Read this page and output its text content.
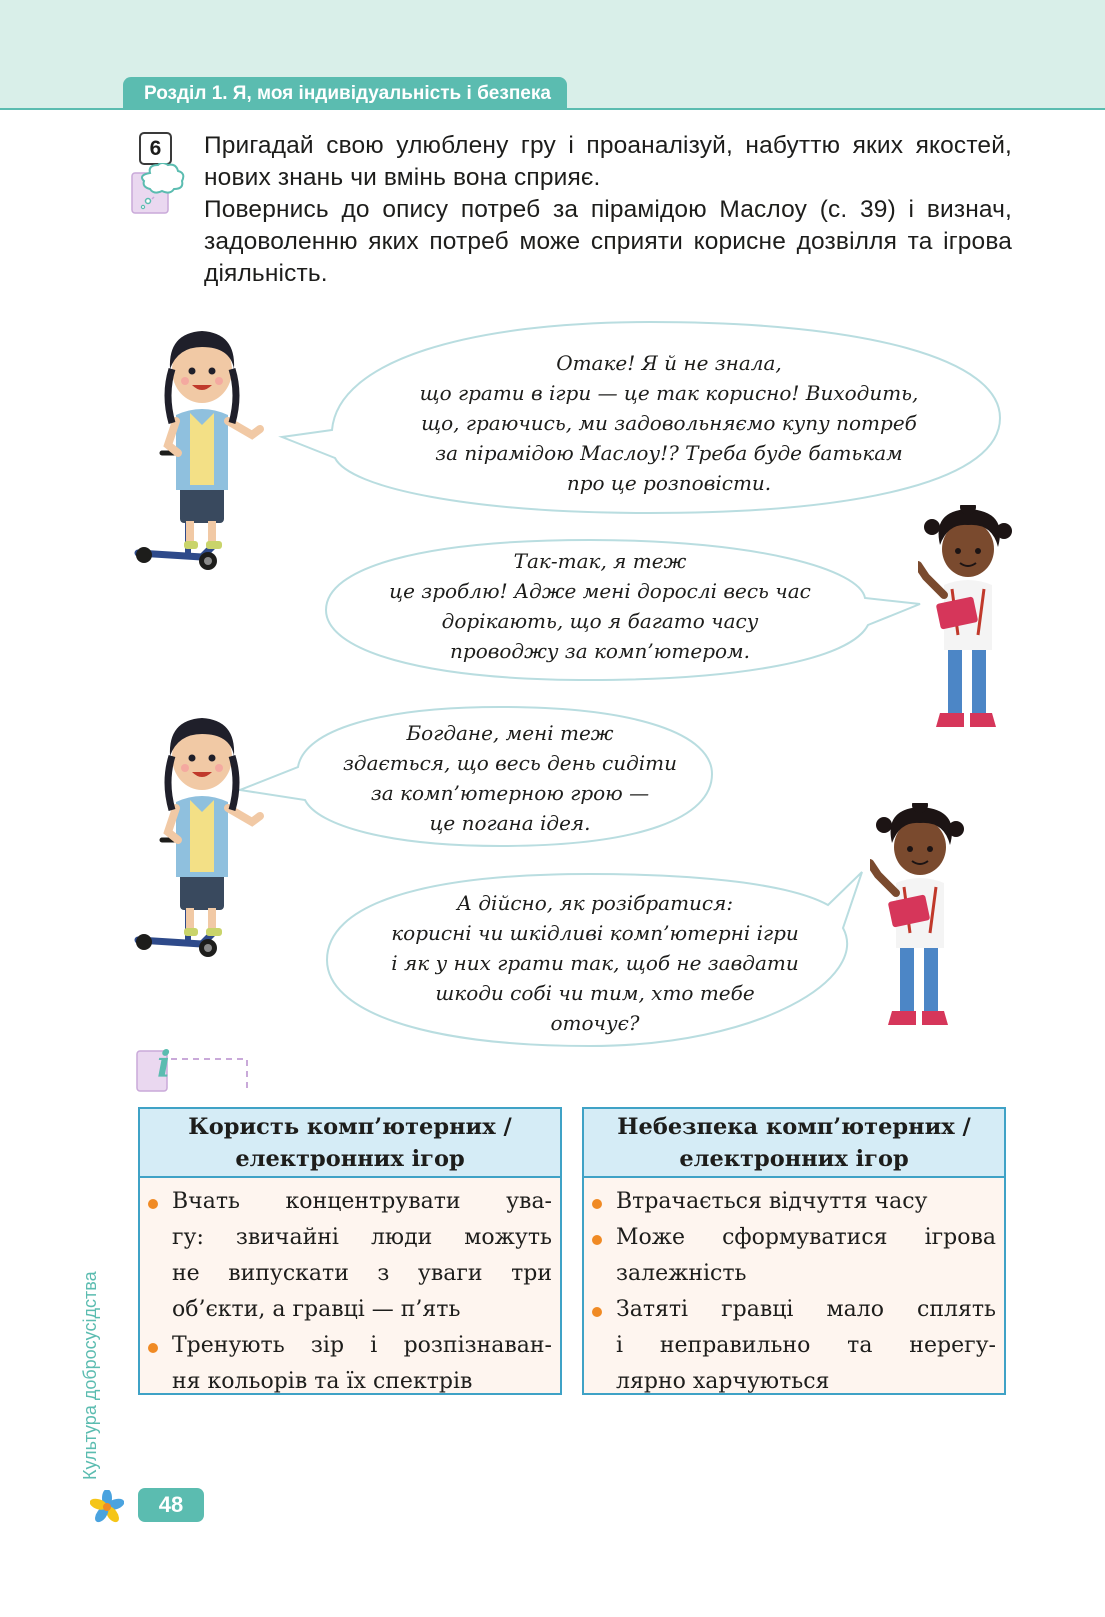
Розділ 1. Я, моя індивідуальність і безпека
6	Пригадай свою улюблену гру і проаналізуй, набуттю яких якостей, нових знань чи вмінь вона сприяє.

Повернись до опису потреб за пірамідою Маслоу (с. 39) і визнач, задоволенню яких потреб може сприяти корисне дозвілля та ігрова діяльність.

Отаке! Я й не знала,
що грати в ігри — це так корисно! Виходить,
що, граючись, ми задовольняємо купу потреб
за пірамідою Маслоу!? Треба буде батькам
про це розповісти.
Так-так, я теж
це зроблю! Адже мені дорослі весь час
дорікають, що я багато часу
проводжу за комп’ютером.
Богдане, мені теж
здається, що весь день сидіти
за комп’ютерною грою —
це погана ідея.
А дійсно, як розібратися:
корисні чи шкідливі комп’ютерні ігри
і як у них грати так, щоб не завдати
шкоди собі чи тим, хто тебе
оточує?
i
Користь комп’ютерних /
електронних ігор
Вчать концентрувати ува-
гу: звичайні люди можуть
не випускати з уваги три
об’єкти, а гравці — п’ять
Тренують зір і розпізнаван-
ня кольорів та їх спектрів
Небезпека комп’ютерних /
електронних ігор
Втрачається відчуття часу
Може сформуватися ігрова
залежність
Затяті гравці мало сплять
і неправильно та нерегу-
лярно харчуються
Культура добросусідства
48
